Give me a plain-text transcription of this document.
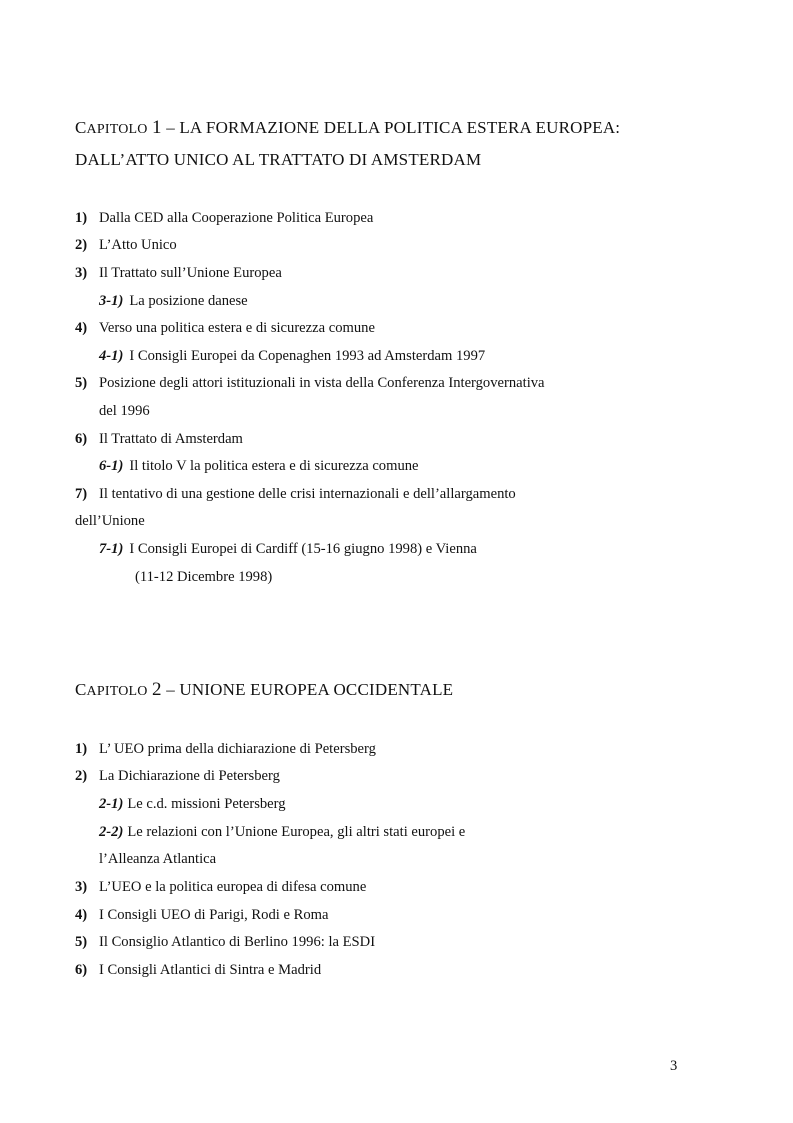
CAPITOLO 1 – LA FORMAZIONE DELLA POLITICA ESTERA EUROPEA:
DALL’ATTO UNICO AL TRATTATO DI AMSTERDAM
1) Dalla CED alla Cooperazione Politica Europea
2) L’Atto Unico
3) Il Trattato sull’Unione Europea
3-1) La posizione danese
4) Verso una politica estera e di sicurezza comune
4-1) I Consigli Europei da Copenaghen 1993 ad Amsterdam 1997
5) Posizione degli attori istituzionali in vista della Conferenza Intergovernativa
del 1996
6) Il Trattato di Amsterdam
6-1) Il titolo V la politica estera e di sicurezza comune
7) Il tentativo di una gestione delle crisi internazionali e dell’allargamento
dell’Unione
7-1) I Consigli Europei di Cardiff (15-16 giugno 1998) e Vienna
(11-12 Dicembre 1998)
CAPITOLO 2 – UNIONE EUROPEA OCCIDENTALE
1) L’ UEO prima della dichiarazione di Petersberg
2) La Dichiarazione di Petersberg
2-1) Le c.d. missioni Petersberg
2-2) Le relazioni con l’Unione Europea, gli altri stati europei e
l’Alleanza Atlantica
3) L’UEO e la politica europea di difesa comune
4) I Consigli UEO di Parigi, Rodi e Roma
5) Il Consiglio Atlantico di Berlino 1996: la ESDI
6) I Consigli Atlantici di Sintra e Madrid
3
